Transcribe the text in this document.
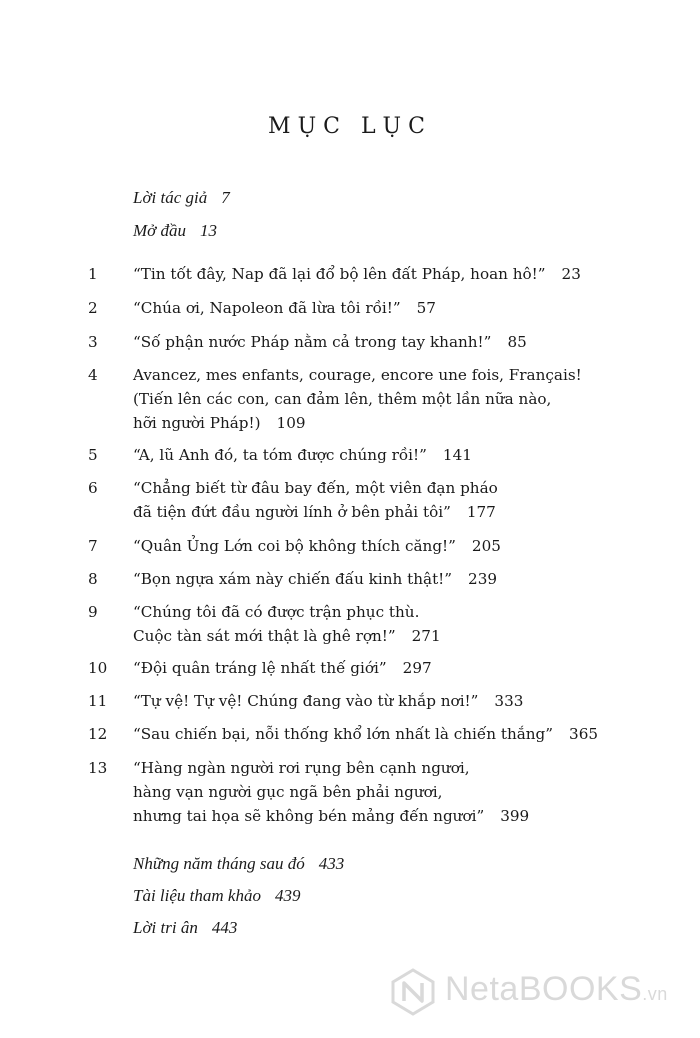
MỤC LỤC
Lời tác giả 7
Mở đầu 13
1	“Tin tốt đây, Nap đã lại đổ bộ lên đất Pháp, hoan hô!” 23
2	“Chúa ơi, Napoleon đã lừa tôi rồi!” 57
3	“Số phận nước Pháp nằm cả trong tay khanh!” 85
4	Avancez, mes enfants, courage, encore une fois, Français!
(Tiến lên các con, can đảm lên, thêm một lần nữa nào,
hỡi người Pháp!) 109
5	“A, lũ Anh đó, ta tóm được chúng rồi!” 141
6	“Chẳng biết từ đâu bay đến, một viên đạn pháo
đã tiện đứt đầu người lính ở bên phải tôi” 177
7	“Quân Ủng Lớn coi bộ không thích căng!” 205
8	“Bọn ngựa xám này chiến đấu kinh thật!” 239
9	“Chúng tôi đã có được trận phục thù.
Cuộc tàn sát mới thật là ghê rợn!” 271
10	“Đội quân tráng lệ nhất thế giới” 297
11	“Tự vệ! Tự vệ! Chúng đang vào từ khắp nơi!” 333
12	“Sau chiến bại, nỗi thống khổ lớn nhất là chiến thắng” 365
13	“Hàng ngàn người rơi rụng bên cạnh ngươi,
hàng vạn người gục ngã bên phải ngươi,
nhưng tai họa sẽ không bén mảng đến ngươi” 399
Những năm tháng sau đó 433
Tài liệu tham khảo 439
Lời tri ân 443
NetaBOOKS.vn
